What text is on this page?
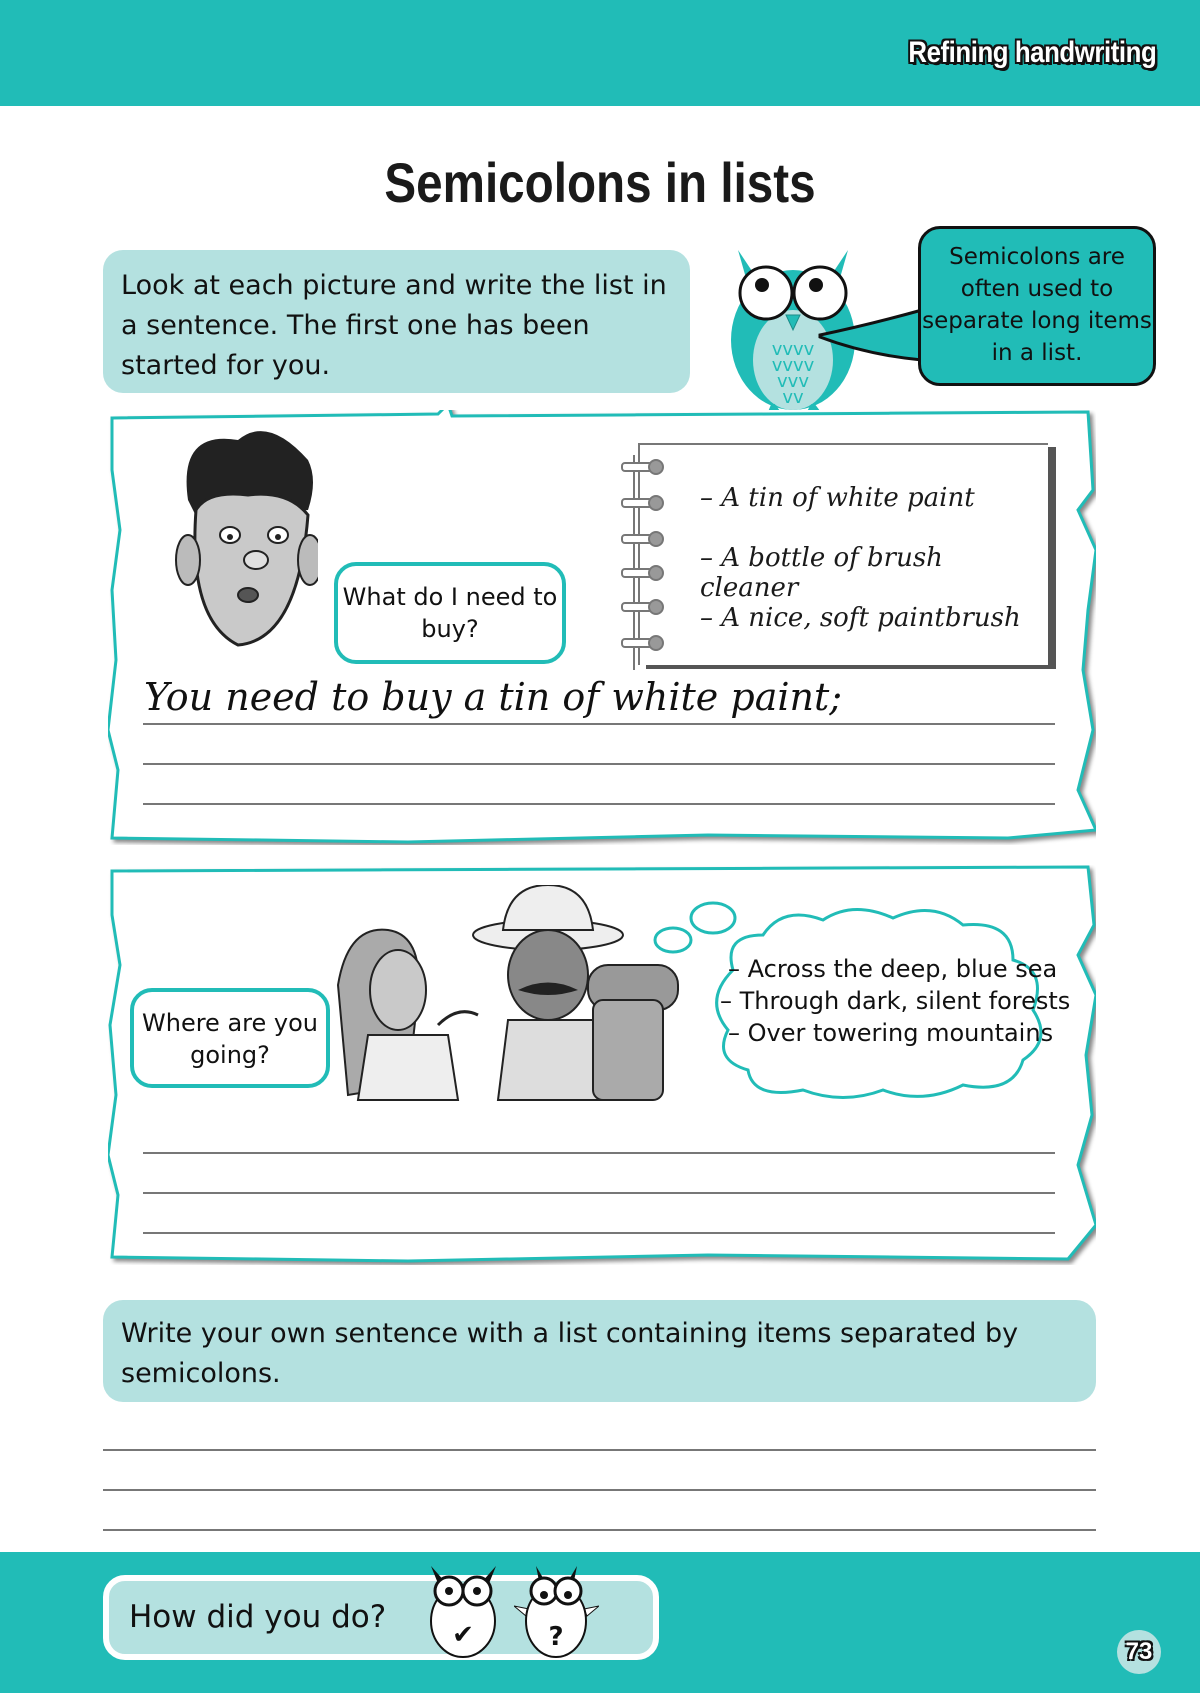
Refining handwriting
Semicolons in lists
Look at each picture and write the list in a sentence. The first one has been started for you.
vvvv
vvvv
vvv
vv
Semicolons are often used to separate long items in a list.
What do I need to buy?
– A tin of white paint
– A bottle of brush cleaner
– A nice, soft paintbrush
You need to buy a tin of white paint;
Where are you going?
– Across the deep, blue sea
– Through dark, silent forests
– Over towering mountains
Write your own sentence with a list containing items separated by semicolons.
How did you do?	✔	?	73
